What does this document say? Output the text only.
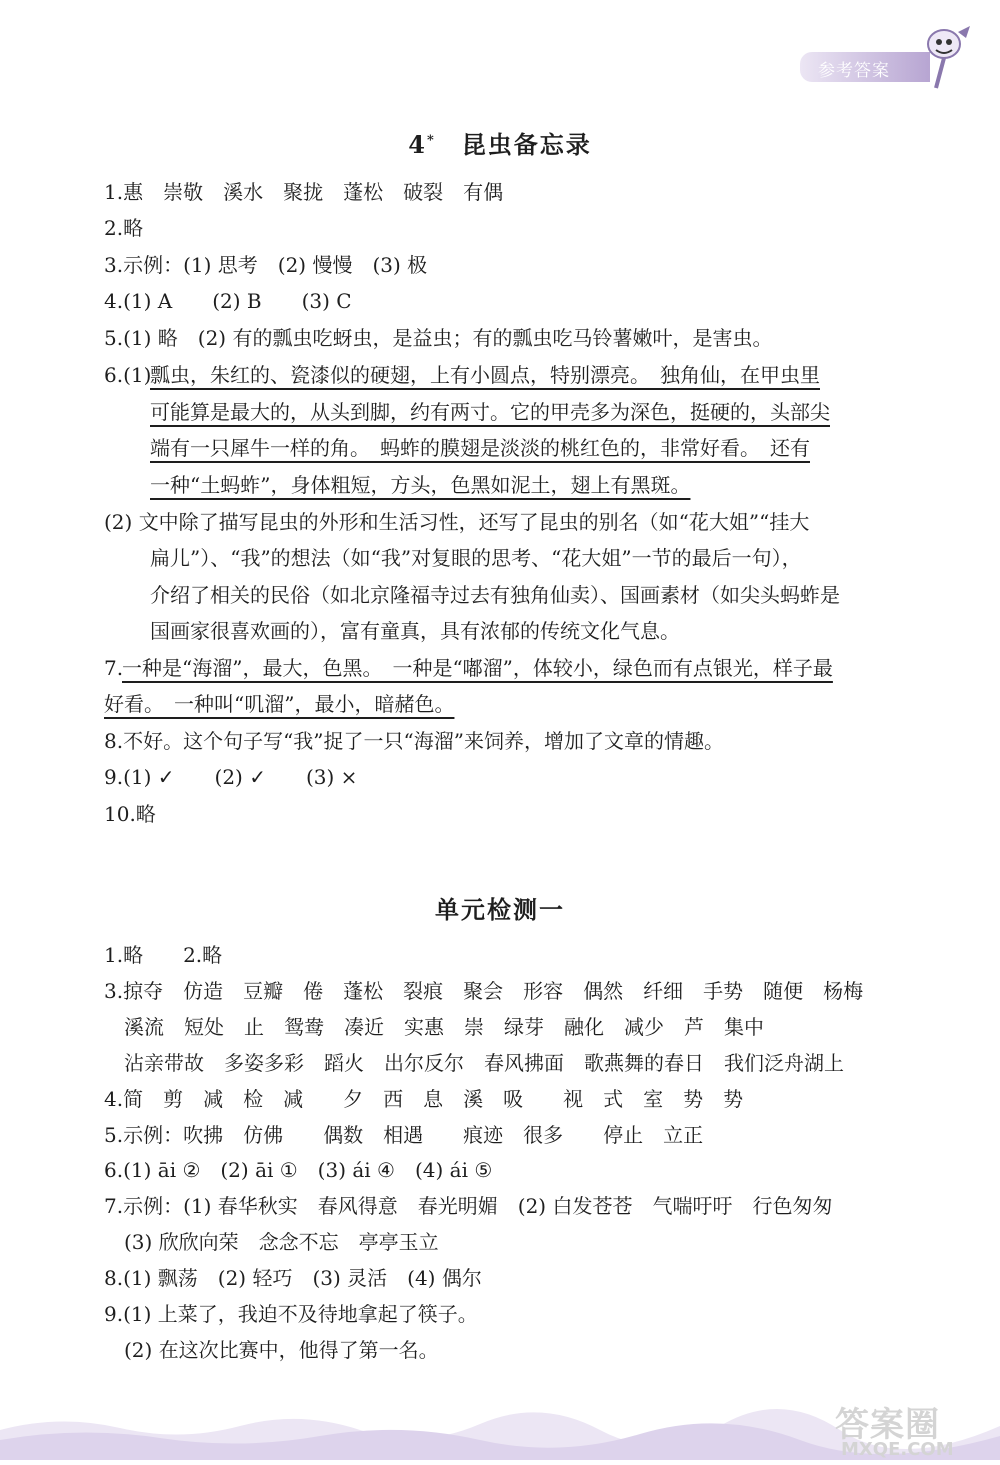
参考答案
4*　 昆虫备忘录
1.惠　崇敬　溪水　聚拢　蓬松　破裂　有偶
2.略
3.示例：(1) 思考　(2) 慢慢　(3) 极
4.(1) A　　(2) B　　(3) C
5.(1) 略　(2) 有的瓢虫吃蚜虫，是益虫；有的瓢虫吃马铃薯嫩叶，是害虫。
6.(1)
瓢虫，朱红的、瓷漆似的硬翅，上有小圆点，特别漂亮。　独角仙，在甲虫里
可能算是最大的，从头到脚，约有两寸。它的甲壳多为深色，挺硬的，头部尖
端有一只犀牛一样的角。　蚂蚱的膜翅是淡淡的桃红色的，非常好看。　还有
一种“土蚂蚱”，身体粗短，方头，色黑如泥土，翅上有黑斑。
(2) 文中除了描写昆虫的外形和生活习性，还写了昆虫的别名（如“花大姐”“挂大
扁儿”）、“我”的想法（如“我”对复眼的思考、“花大姐”一节的最后一句），
介绍了相关的民俗（如北京隆福寺过去有独角仙卖）、国画素材（如尖头蚂蚱是
国画家很喜欢画的），富有童真，具有浓郁的传统文化气息。
7.
一种是“海溜”，最大，色黑。　一种是“嘟溜”，体较小，绿色而有点银光，样子最
好看。　一种叫“叽溜”，最小，暗赭色。
8.不好。这个句子写“我”捉了一只“海溜”来饲养，增加了文章的情趣。
9.(1) ✓　　(2) ✓　　(3) ×
10.略
单元检测一
1.略　　2.略
3.掠夺　仿造　豆瓣　倦　蓬松　裂痕　聚会　形容　偶然　纤细　手势　随便　杨梅
溪流　短处　止　鸳鸯　凑近　实惠　崇　绿芽　融化　减少　芦　集中
沾亲带故　多姿多彩　蹈火　出尔反尔　春风拂面　歌燕舞的春日　我们泛舟湖上
4.简　剪　减　检　减　　夕　西　息　溪　吸　　视　式　室　势　势
5.示例：吹拂　仿佛　　偶数　相遇　　痕迹　很多　　停止　立正
6.(1) āi ②　(2) āi ①　(3) ái ④　(4) ái ⑤
7.示例：(1) 春华秋实　春风得意　春光明媚　(2) 白发苍苍　气喘吁吁　行色匆匆
(3) 欣欣向荣　念念不忘　亭亭玉立
8.(1) 飘荡　(2) 轻巧　(3) 灵活　(4) 偶尔
9.(1) 上菜了，我迫不及待地拿起了筷子。
(2) 在这次比赛中，他得了第一名。
答案圈
MXQE.COM
